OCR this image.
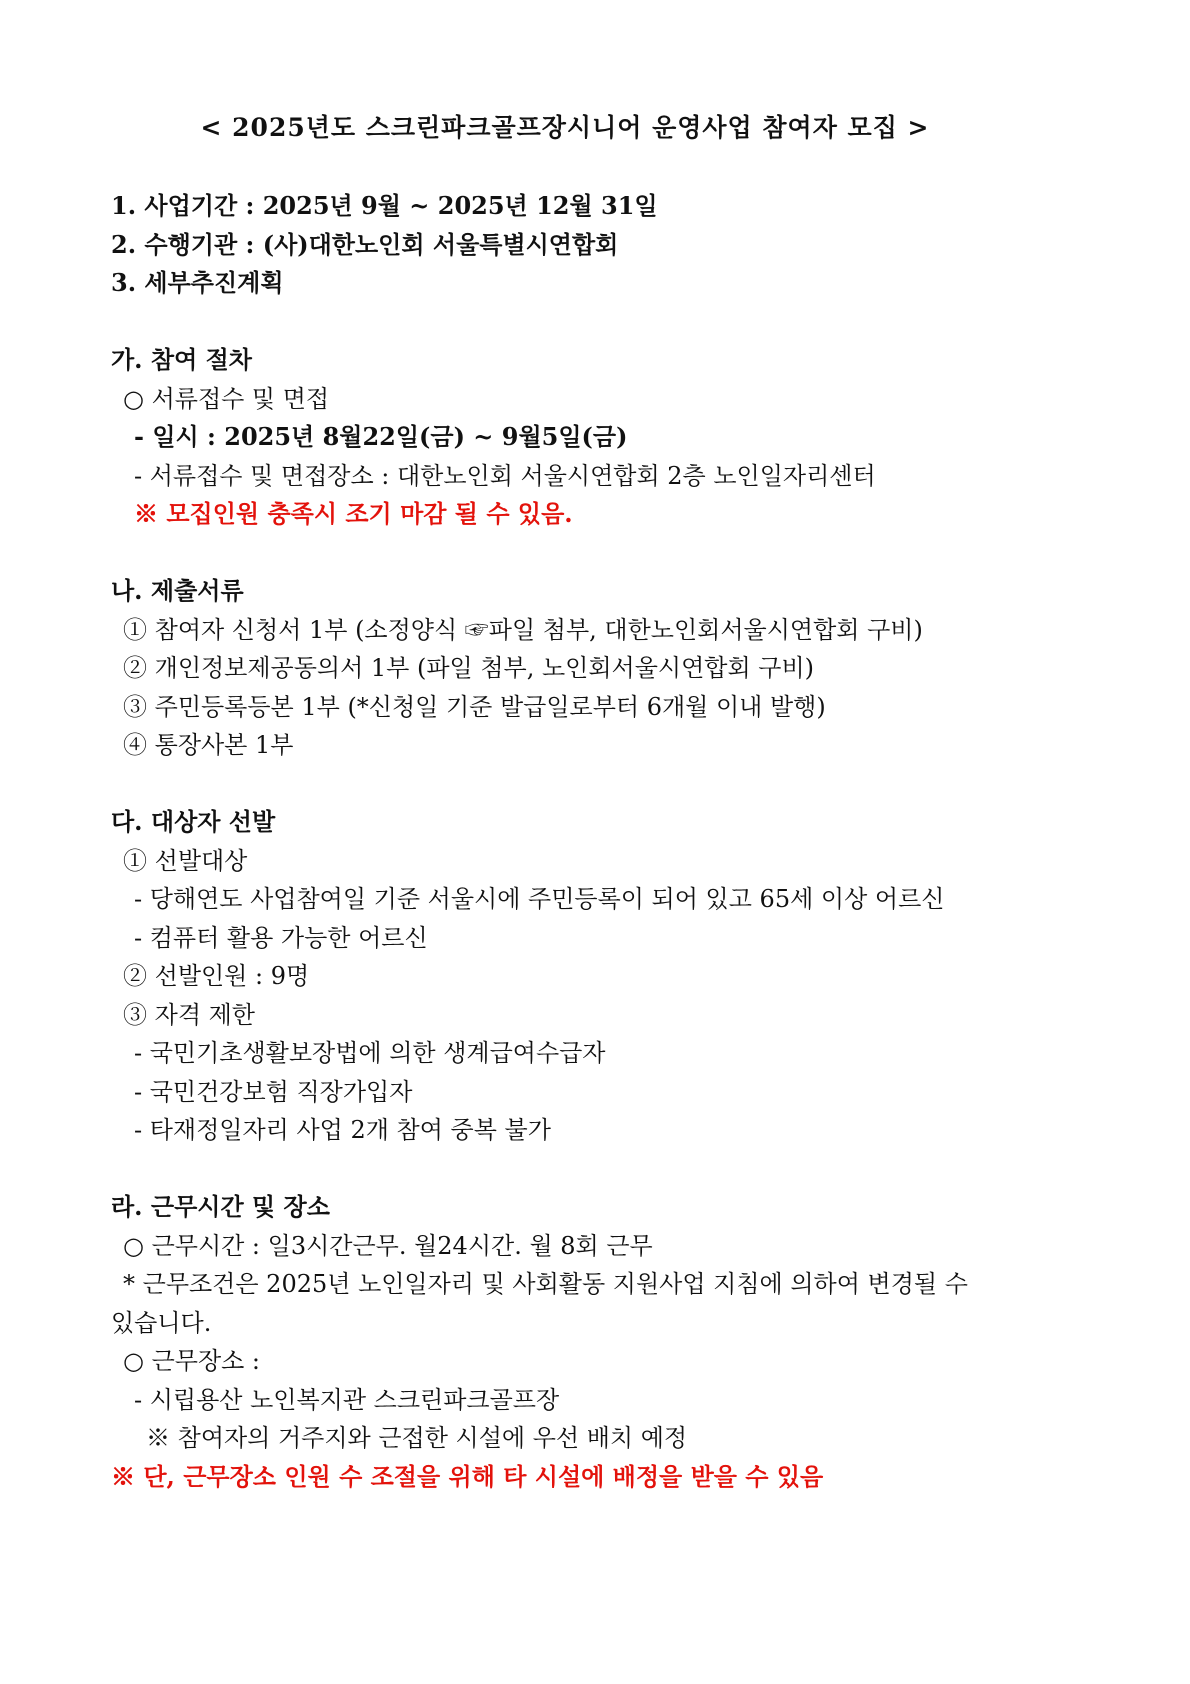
< 2025년도 스크린파크골프장시니어 운영사업 참여자 모집 >
1. 사업기간 : 2025년 9월 ~ 2025년 12월 31일
2. 수행기관 : (사)대한노인회 서울특별시연합회
3. 세부추진계획
가. 참여 절차
○ 서류접수 및 면접
- 일시 : 2025년 8월22일(금) ~ 9월5일(금)
- 서류접수 및 면접장소 : 대한노인회 서울시연합회 2층 노인일자리센터
※ 모집인원 충족시 조기 마감 될 수 있음.
나. 제출서류
① 참여자 신청서 1부 (소정양식 ☞파일 첨부, 대한노인회서울시연합회 구비)
② 개인정보제공동의서 1부 (파일 첨부, 노인회서울시연합회 구비)
③ 주민등록등본 1부 (*신청일 기준 발급일로부터 6개월 이내 발행)
④ 통장사본 1부
다. 대상자 선발
① 선발대상
- 당해연도 사업참여일 기준 서울시에 주민등록이 되어 있고 65세 이상 어르신
- 컴퓨터 활용 가능한 어르신
② 선발인원 : 9명
③ 자격 제한
- 국민기초생활보장법에 의한 생계급여수급자
- 국민건강보험 직장가입자
- 타재정일자리 사업 2개 참여 중복 불가
라. 근무시간 및 장소
○ 근무시간 : 일3시간근무. 월24시간. 월 8회 근무
* 근무조건은 2025년 노인일자리 및 사회활동 지원사업 지침에 의하여 변경될 수
있습니다.
○ 근무장소 :
- 시립용산 노인복지관 스크린파크골프장
※ 참여자의 거주지와 근접한 시설에 우선 배치 예정
※ 단, 근무장소 인원 수 조절을 위해 타 시설에 배정을 받을 수 있음
